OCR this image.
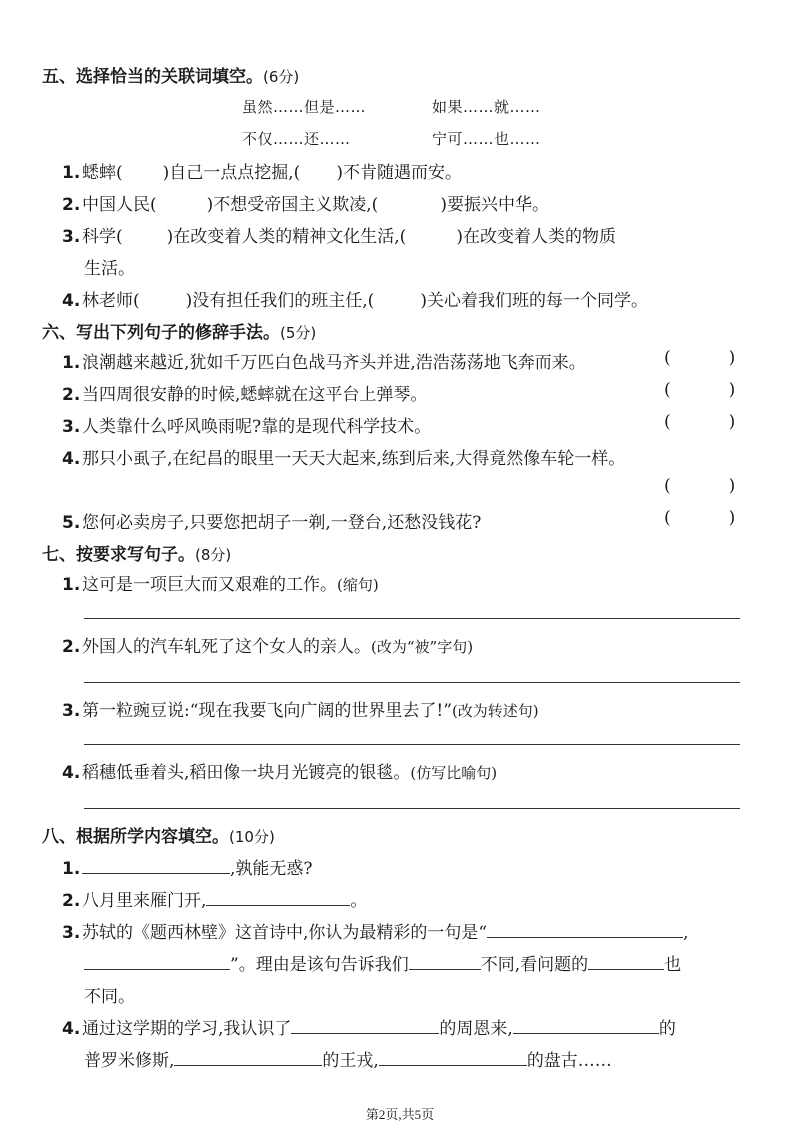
五、选择恰当的关联词填空。(6分)
虽然……但是……	如果……就……
不仅……还……	宁可……也……
1. 蟋蟀( )自己一点点挖掘,( )不肯随遇而安。
2. 中国人民(	)不想受帝国主义欺凌,(	)要振兴中华。
3. 科学(	)在改变着人类的精神文化生活,(	)在改变着人类的物质
生活。
4. 林老师(	)没有担任我们的班主任,(	)关心着我们班的每一个同学。
六、写出下列句子的修辞手法。(5分)
1. 浪潮越来越近,犹如千万匹白色战马齐头并进,浩浩荡荡地飞奔而来。	(	)
2. 当四周很安静的时候,蟋蟀就在这平台上弹琴。	(	)
3. 人类靠什么呼风唤雨呢?靠的是现代科学技术。	(	)
4. 那只小虱子,在纪昌的眼里一天天大起来,练到后来,大得竟然像车轮一样。
(	)
5. 您何必卖房子,只要您把胡子一剃,一登台,还愁没钱花?	(	)
七、按要求写句子。(8分)
1. 这可是一项巨大而又艰难的工作。(缩句)
2. 外国人的汽车轧死了这个女人的亲人。(改为“被”字句)
3. 第一粒豌豆说:“现在我要飞向广阔的世界里去了!”(改为转述句)
4. 稻穗低垂着头,稻田像一块月光镀亮的银毯。(仿写比喻句)
八、根据所学内容填空。(10分)
1.	,孰能无惑?
2. 八月里来雁门开,	。
3. 苏轼的《题西林壁》这首诗中,你认为最精彩的一句是“	,
”。理由是该句告诉我们	不同,看问题的	也
不同。
4. 通过这学期的学习,我认识了	的周恩来,	的
普罗米修斯,	的王戎,	的盘古……
第2页,共5页
